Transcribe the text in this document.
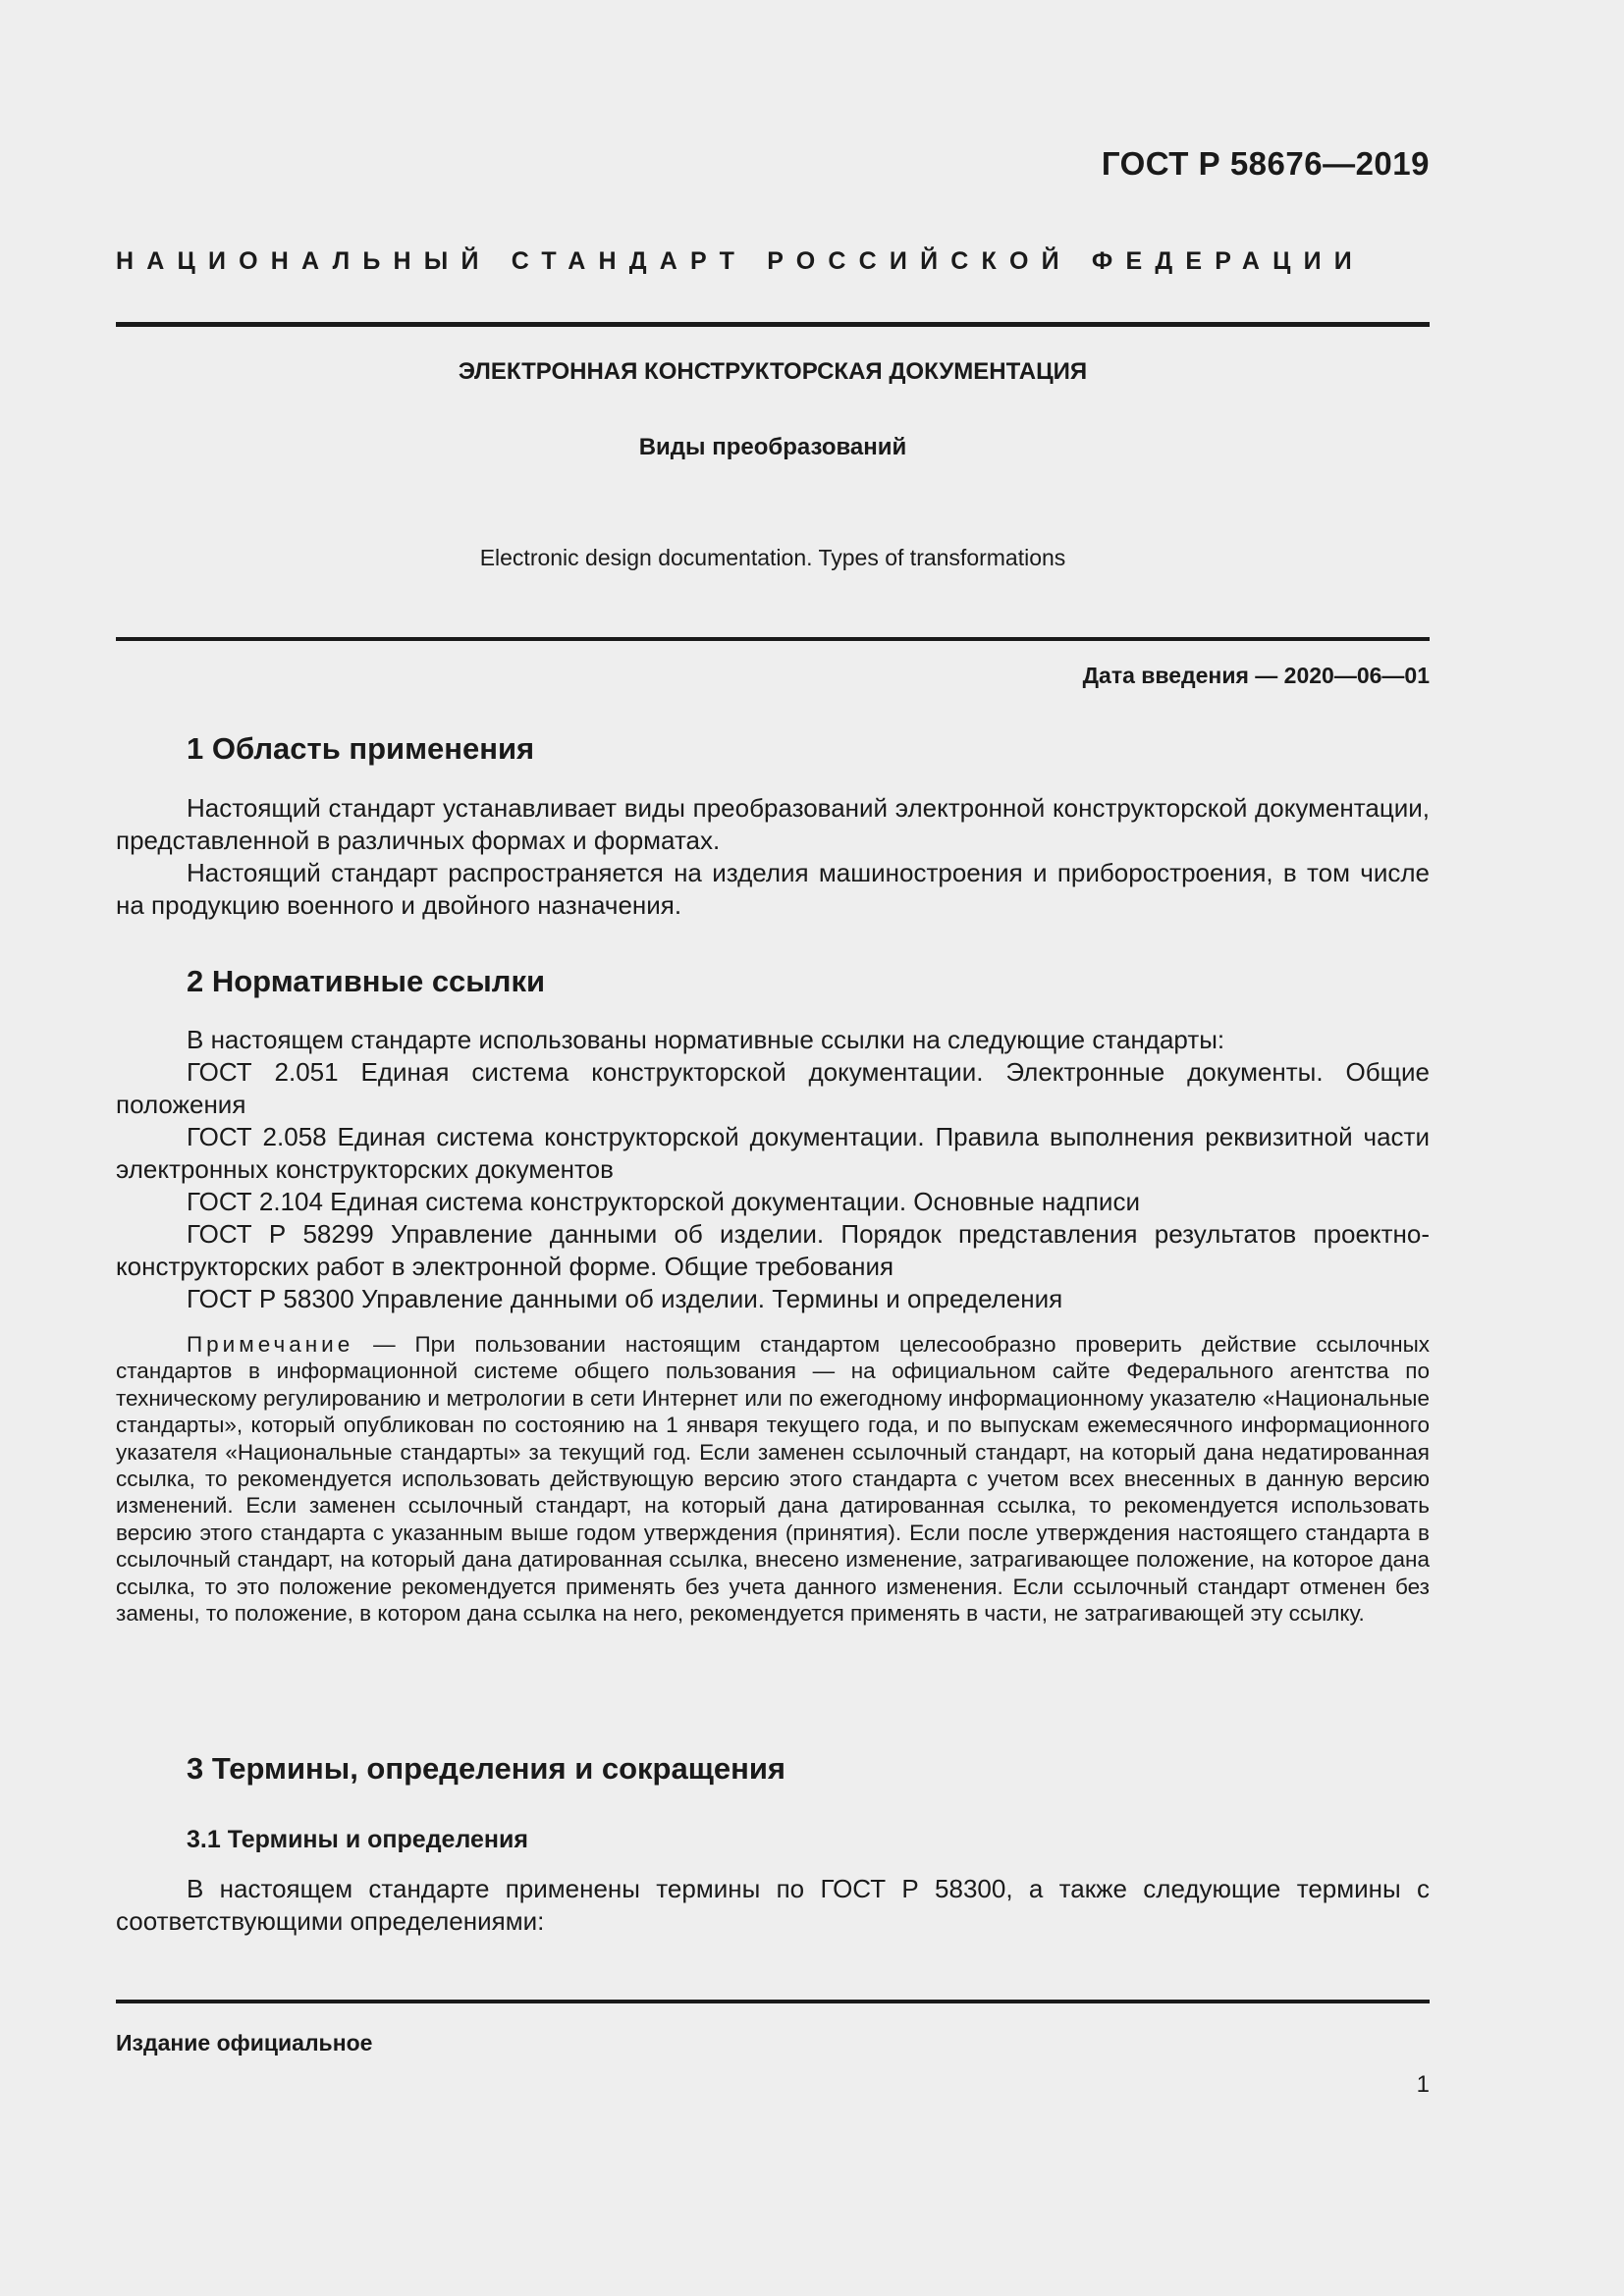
ГОСТ Р 58676—2019
НАЦИОНАЛЬНЫЙ СТАНДАРТ РОССИЙСКОЙ ФЕДЕРАЦИИ
ЭЛЕКТРОННАЯ КОНСТРУКТОРСКАЯ ДОКУМЕНТАЦИЯ
Виды преобразований
Electronic design documentation. Types of transformations
Дата введения — 2020—06—01
1 Область применения
Настоящий стандарт устанавливает виды преобразований электронной конструкторской документации, представленной в различных формах и форматах.
Настоящий стандарт распространяется на изделия машиностроения и приборостроения, в том числе на продукцию военного и двойного назначения.
2 Нормативные ссылки
В настоящем стандарте использованы нормативные ссылки на следующие стандарты:
ГОСТ 2.051 Единая система конструкторской документации. Электронные документы. Общие положения
ГОСТ 2.058 Единая система конструкторской документации. Правила выполнения реквизитной части электронных конструкторских документов
ГОСТ 2.104 Единая система конструкторской документации. Основные надписи
ГОСТ Р 58299 Управление данными об изделии. Порядок представления результатов проектно-конструкторских работ в электронной форме. Общие требования
ГОСТ Р 58300 Управление данными об изделии. Термины и определения
Примечание — При пользовании настоящим стандартом целесообразно проверить действие ссылочных стандартов в информационной системе общего пользования — на официальном сайте Федерального агентства по техническому регулированию и метрологии в сети Интернет или по ежегодному информационному указателю «Национальные стандарты», который опубликован по состоянию на 1 января текущего года, и по выпускам ежемесячного информационного указателя «Национальные стандарты» за текущий год. Если заменен ссылочный стандарт, на который дана недатированная ссылка, то рекомендуется использовать действующую версию этого стандарта с учетом всех внесенных в данную версию изменений. Если заменен ссылочный стандарт, на который дана датированная ссылка, то рекомендуется использовать версию этого стандарта с указанным выше годом утверждения (принятия). Если после утверждения настоящего стандарта в ссылочный стандарт, на который дана датированная ссылка, внесено изменение, затрагивающее положение, на которое дана ссылка, то это положение рекомендуется применять без учета данного изменения. Если ссылочный стандарт отменен без замены, то положение, в котором дана ссылка на него, рекомендуется применять в части, не затрагивающей эту ссылку.
3 Термины, определения и сокращения
3.1 Термины и определения
В настоящем стандарте применены термины по ГОСТ Р 58300, а также следующие термины с соответствующими определениями:
Издание официальное
1
